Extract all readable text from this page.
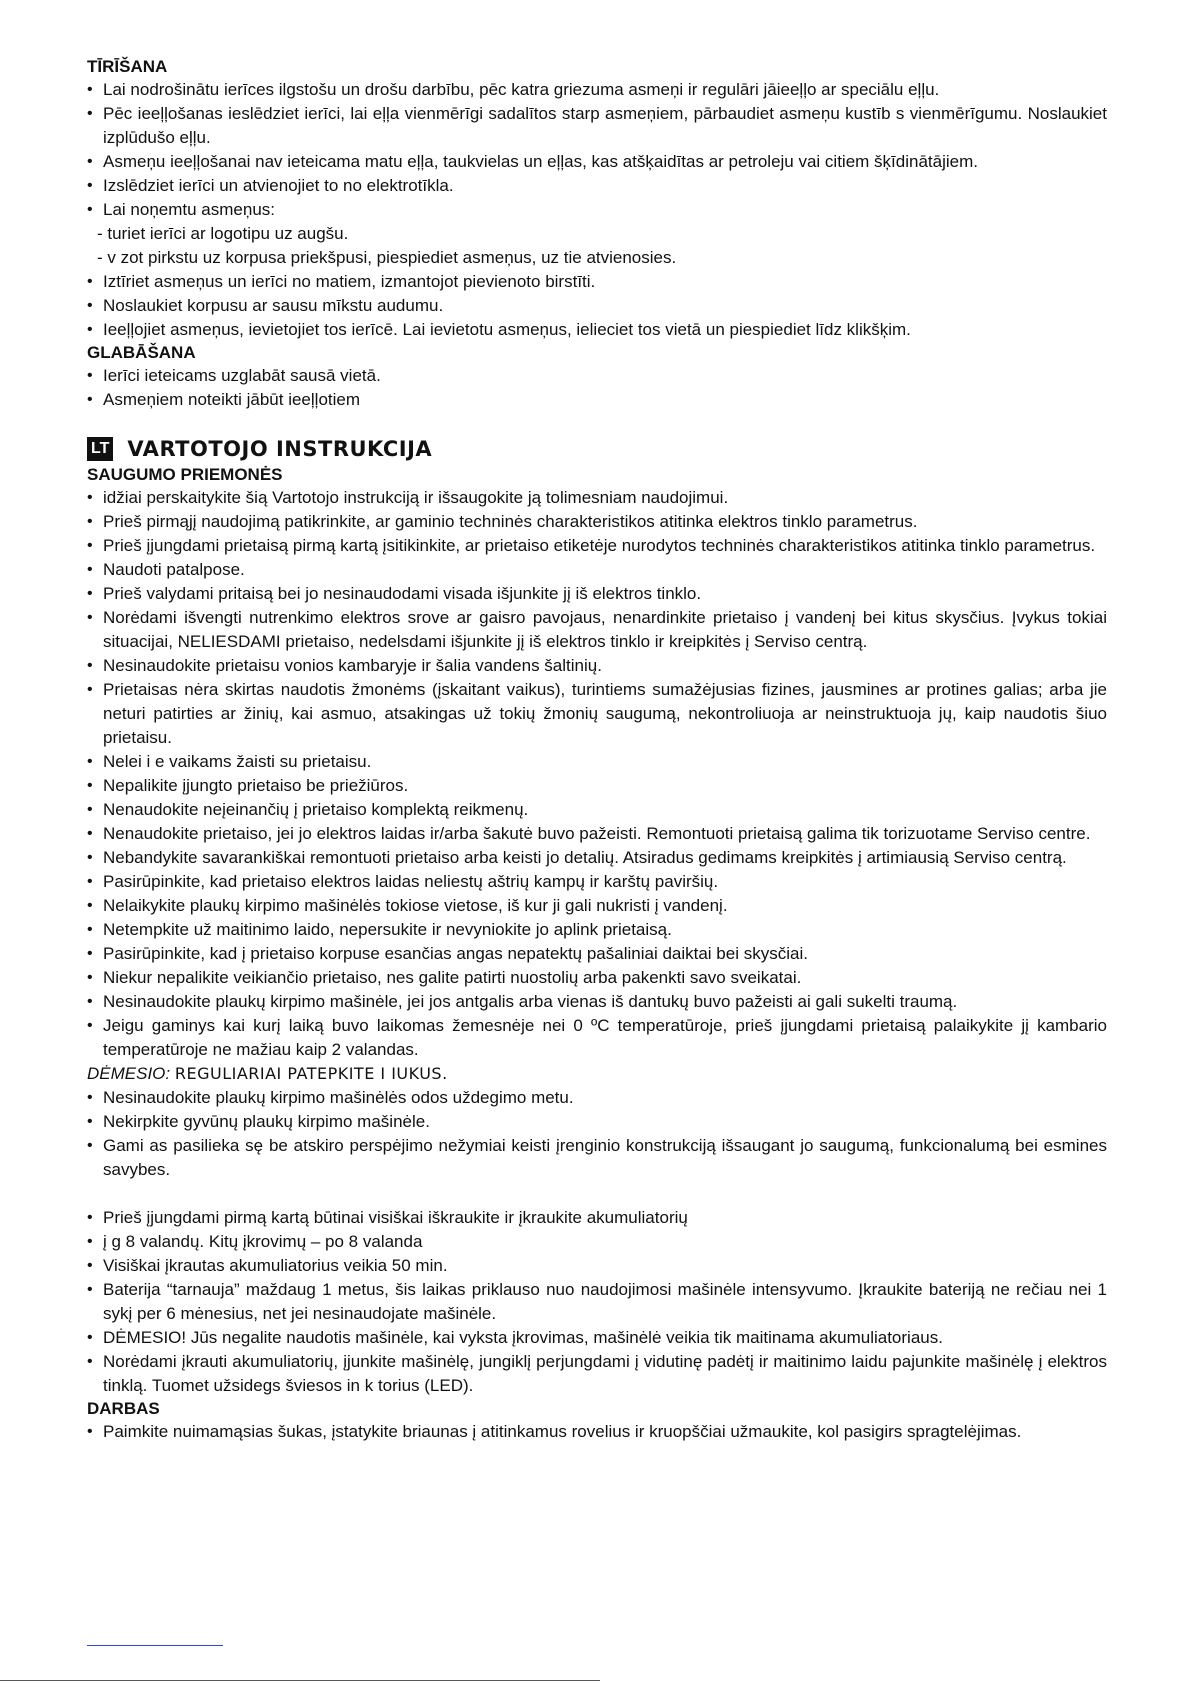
TĪRĪŠANA

• Lai nodrošinātu ierīces ilgstošu un drošu darbību, pēc katra griezuma asmeņi ir regulāri jāieeļļo ar speciālu eļļu.
• Pēc ieeļļošanas ieslēdziet ierīci, lai eļļa vienmērīgi sadalītos starp asmeņiem, pārbaudiet asmeņu kustīb s vienmērīgumu. Noslaukiet izplūdušo eļļu.
• Asmeņu ieeļļošanai nav ieteicama matu eļļa, taukvielas un eļļas, kas atšķaidītas ar petroleju vai citiem šķīdinātājiem.
• Izslēdziet ierīci un atvienojiet to no elektrotīkla.
• Lai noņemtu asmeņus:
- turiet ierīci ar logotipu uz augšu.
- v zot pirkstu uz korpusa priekšpusi, piespiediet asmeņus, uz tie atvienosies.
• Iztīriet asmeņus un ierīci no matiem, izmantojot pievienoto birstīti.
• Noslaukiet korpusu ar sausu mīkstu audumu.
• Ieeļļojiet asmeņus, ievietojiet tos ierīcē. Lai ievietotu asmeņus, ielieciet tos vietā un piespiediet līdz klikšķim.

GLABĀŠANA

• Ierīci ieteicams uzglabāt sausā vietā.
• Asmeņiem noteikti jābūt ieeļļotiem
LT VARTOTOJO INSTRUKCIJA

SAUGUMO PRIEMONĖS

• idžiai perskaitykite šią Vartotojo instrukciją ir išsaugokite ją tolimesniam naudojimui.
• Prieš pirmąjį naudojimą patikrinkite, ar gaminio techninės charakteristikos atitinka elektros tinklo parametrus.
• Prieš įjungdami prietaisą pirmą kartą įsitikinkite, ar prietaiso etiketėje nurodytos techninės charakteristikos atitinka tinklo parametrus.
• Naudoti patalpose.
• Prieš valydami pritaisą bei jo nesinaudodami visada išjunkite jį iš elektros tinklo.
• Norėdami išvengti nutrenkimo elektros srove ar gaisro pavojaus, nenardinkite prietaiso į vandenį bei kitus skysčius. Įvykus tokiai situacijai, NELIESDAMI prietaiso, nedelsdami išjunkite jį iš elektros tinklo ir kreipkitės į Serviso centrą.
• Nesinaudokite prietaisu vonios kambaryje ir šalia vandens šaltinių.
• Prietaisas nėra skirtas naudotis žmonėms (įskaitant vaikus), turintiems sumažėjusias fizines, jausmines ar protines galias; arba jie neturi patirties ar žinių, kai asmuo, atsakingas už tokių žmonių saugumą, nekontroliuoja ar neinstruktuoja jų, kaip naudotis šiuo prietaisu.
• Nelei i e vaikams žaisti su prietaisu.
• Nepalikite įjungto prietaiso be priežiūros.
• Nenaudokite neįeinančių į prietaiso komplektą reikmenų.
• Nenaudokite prietaiso, jei jo elektros laidas ir/arba šakutė buvo pažeisti. Remontuoti prietaisą galima tik torizuotame Serviso centre.
• Nebandykite savarankiškai remontuoti prietaiso arba keisti jo detalių. Atsiradus gedimams kreipkitės į artimiausią Serviso centrą.
• Pasirūpinkite, kad prietaiso elektros laidas neliestų aštrių kampų ir karštų paviršių.
• Nelaikykite plaukų kirpimo mašinėlės tokiose vietose, iš kur ji gali nukristi į vandenį.
• Netempkite už maitinimo laido, nepersukite ir nevyniokite jo aplink prietaisą.
• Pasirūpinkite, kad į prietaiso korpuse esančias angas nepatektų pašaliniai daiktai bei skysčiai.
• Niekur nepalikite veikiančio prietaiso, nes galite patirti nuostolių arba pakenkti savo sveikatai.
• Nesinaudokite plaukų kirpimo mašinėle, jei jos antgalis arba vienas iš dantukų buvo pažeisti ai gali sukelti traumą.
• Jeigu gaminys kai kurį laiką buvo laikomas žemesnėje nei 0 ºC temperatūroje, prieš įjungdami prietaisą palaikykite jį kambario temperatūroje ne mažiau kaip 2 valandas.
DĖMESIO: REGULIARIAI PATEPKITE I IUKUS.
• Nesinaudokite plaukų kirpimo mašinėlės odos uždegimo metu.
• Nekirpkite gyvūnų plaukų kirpimo mašinėle.
• Gami as pasilieka sę be atskiro perspėjimo nežymiai keisti įrenginio konstrukciją išsaugant jo saugumą, funkcionalumą bei esmines savybes.
• Prieš įjungdami pirmą kartą būtinai visiškai iškraukite ir įkraukite akumuliatorių
• į g 8 valandų. Kitų įkrovimų – po 8 valanda
• Visiškai įkrautas akumuliatorius veikia 50 min.
• Baterija “tarnauja” maždaug 1 metus, šis laikas priklauso nuo naudojimosi mašinėle intensyvumo. Įkraukite bateriją ne rečiau nei 1 sykį per 6 mėnesius, net jei nesinaudojate mašinėle.
• DĖMESIO! Jūs negalite naudotis mašinėle, kai vyksta įkrovimas, mašinėlė veikia tik maitinama akumuliatoriaus.
• Norėdami įkrauti akumuliatorių, įjunkite mašinėlę, jungiklį perjungdami į vidutinę padėtį ir maitinimo laidu pajunkite mašinėlę į elektros tinklą. Tuomet užsidegs šviesos in k torius (LED).

DARBAS

• Paimkite nuimamąsias šukas, įstatykite briaunas į atitinkamus rovelius ir kruopščiai užmaukite, kol pasigirs spragtelėjimas.
